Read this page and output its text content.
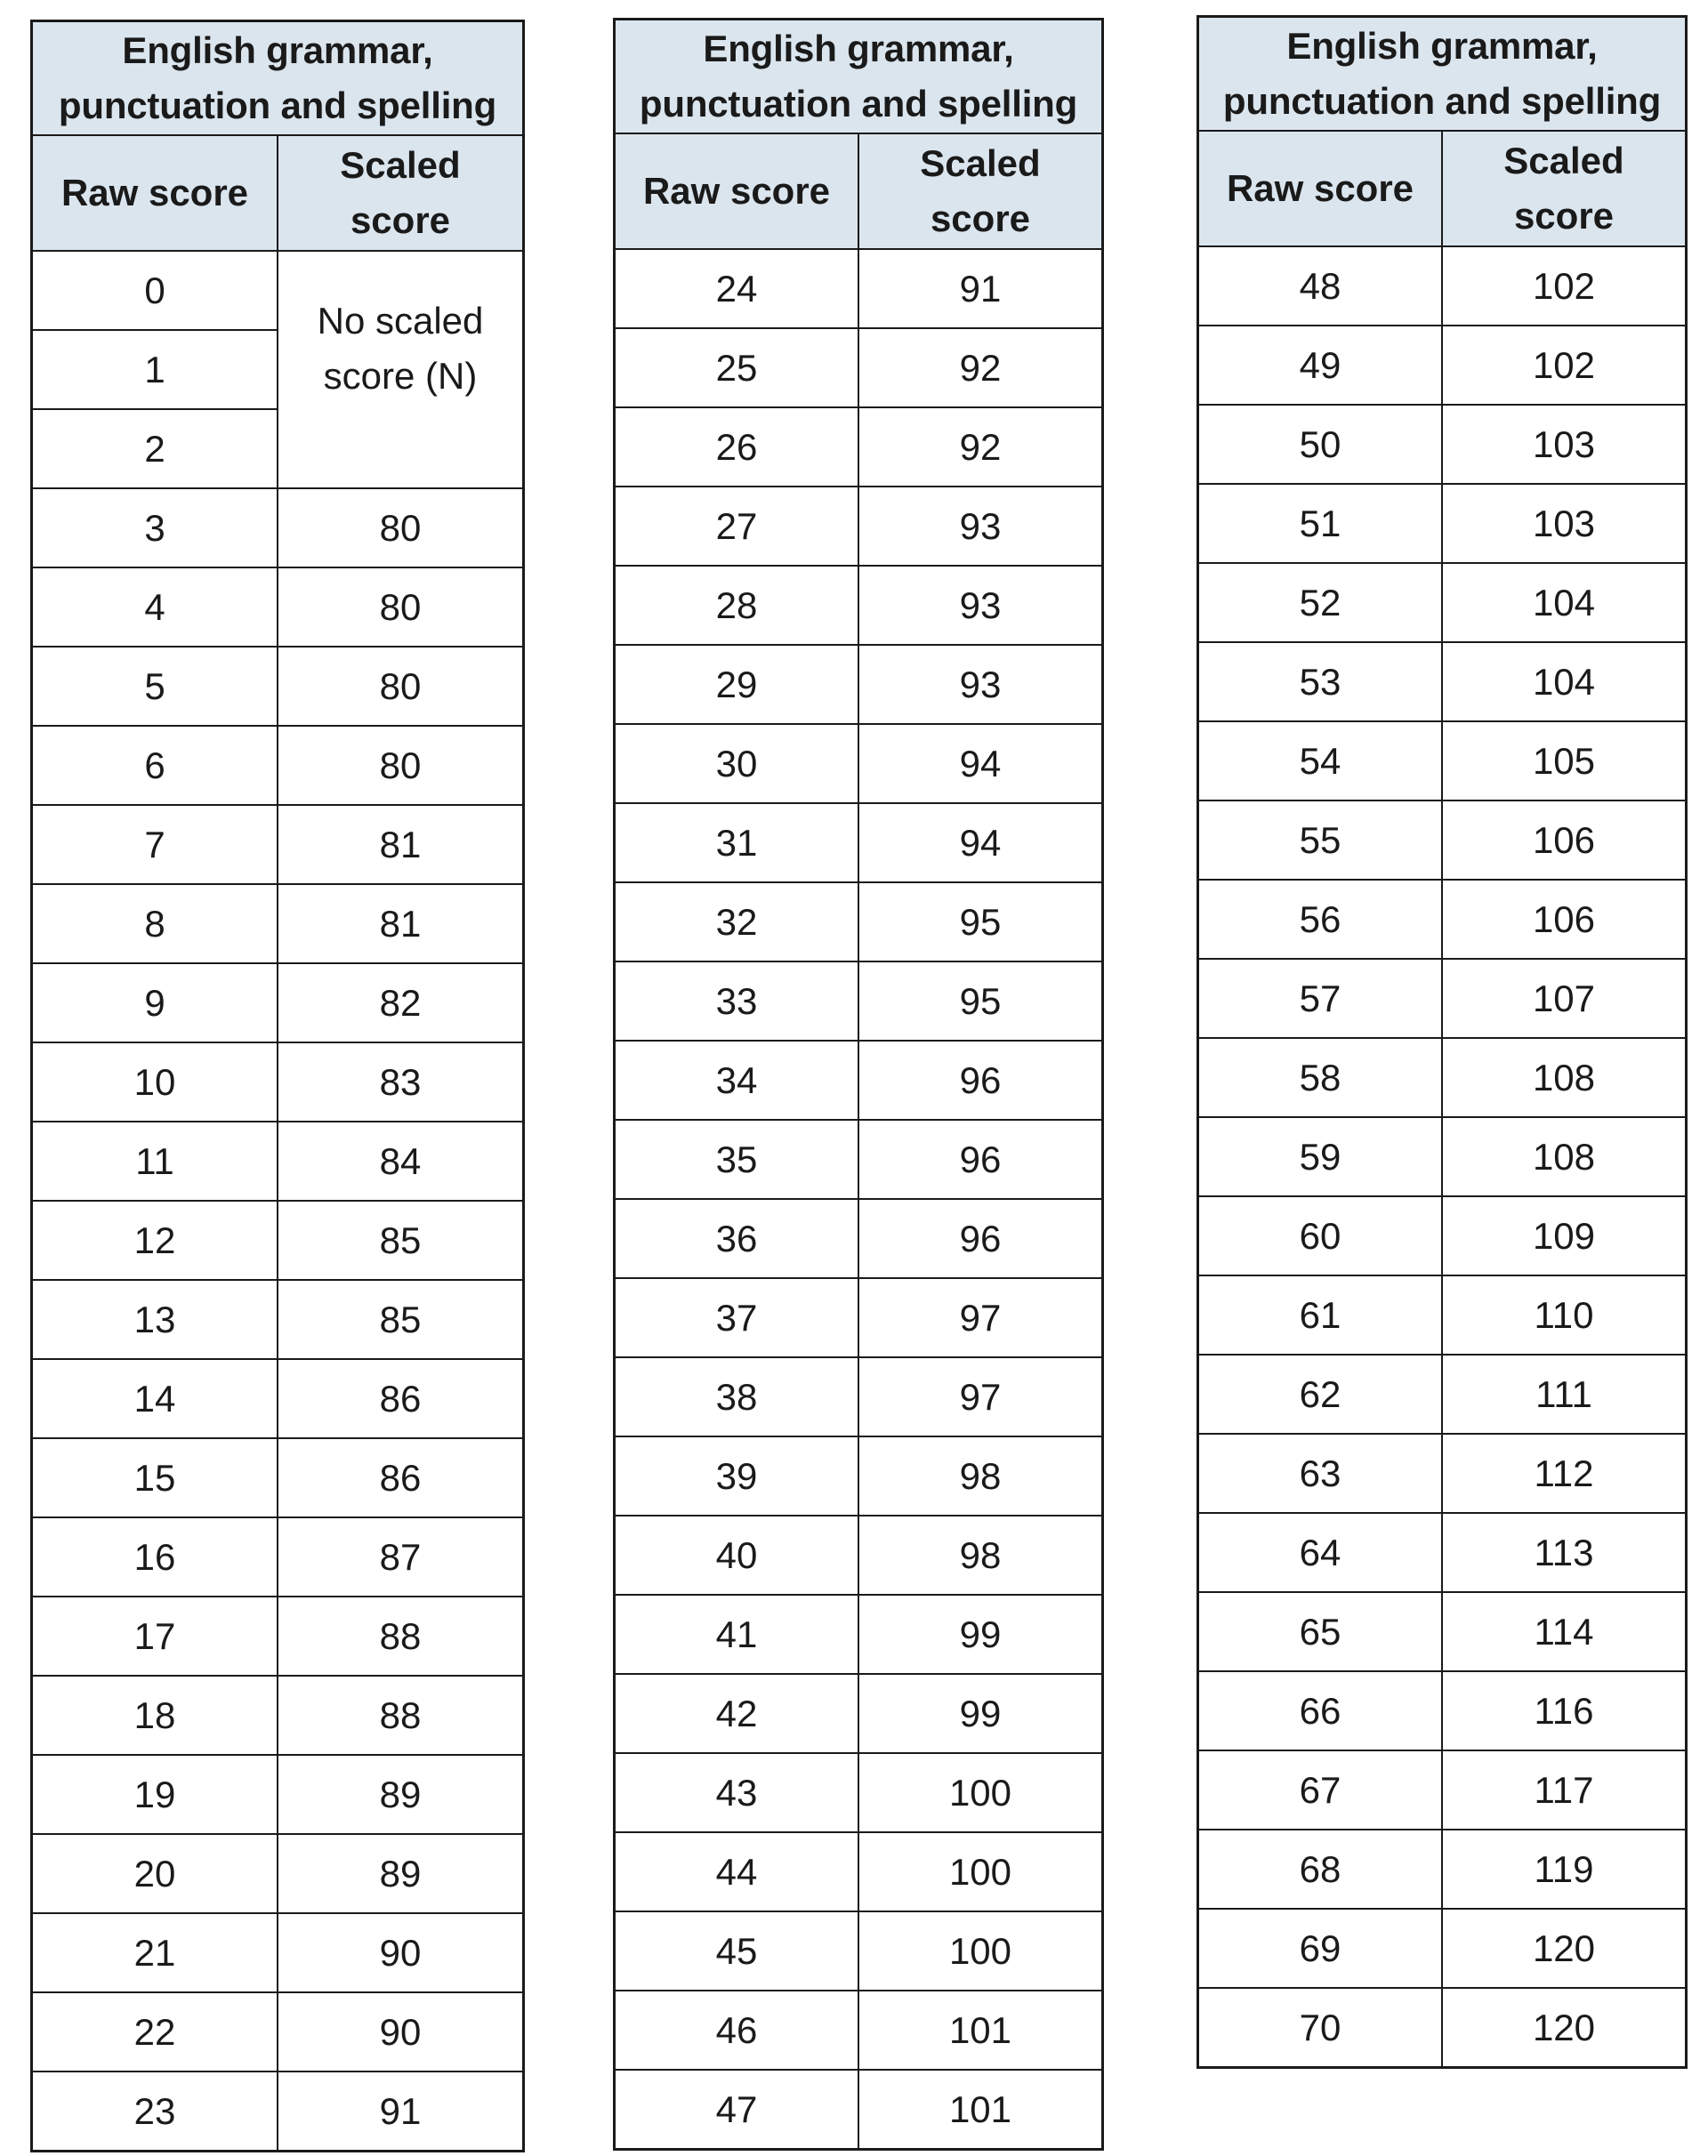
English grammar,
punctuation and spelling	
Raw score	Scaled
score
0	No scaled
score (N)
1	
2	
3	80
4	80
5	80
6	80
7	81
8	81
9	82
10	83
11	84
12	85
13	85
14	86
15	86
16	87
17	88
18	88
19	89
20	89
21	90
22	90
23	91
English grammar,
punctuation and spelling	
Raw score	Scaled
score
24	91
25	92
26	92
27	93
28	93
29	93
30	94
31	94
32	95
33	95
34	96
35	96
36	96
37	97
38	97
39	98
40	98
41	99
42	99
43	100
44	100
45	100
46	101
47	101
English grammar,
punctuation and spelling	
Raw score	Scaled
score
48	102
49	102
50	103
51	103
52	104
53	104
54	105
55	106
56	106
57	107
58	108
59	108
60	109
61	110
62	111
63	112
64	113
65	114
66	116
67	117
68	119
69	120
70	120
